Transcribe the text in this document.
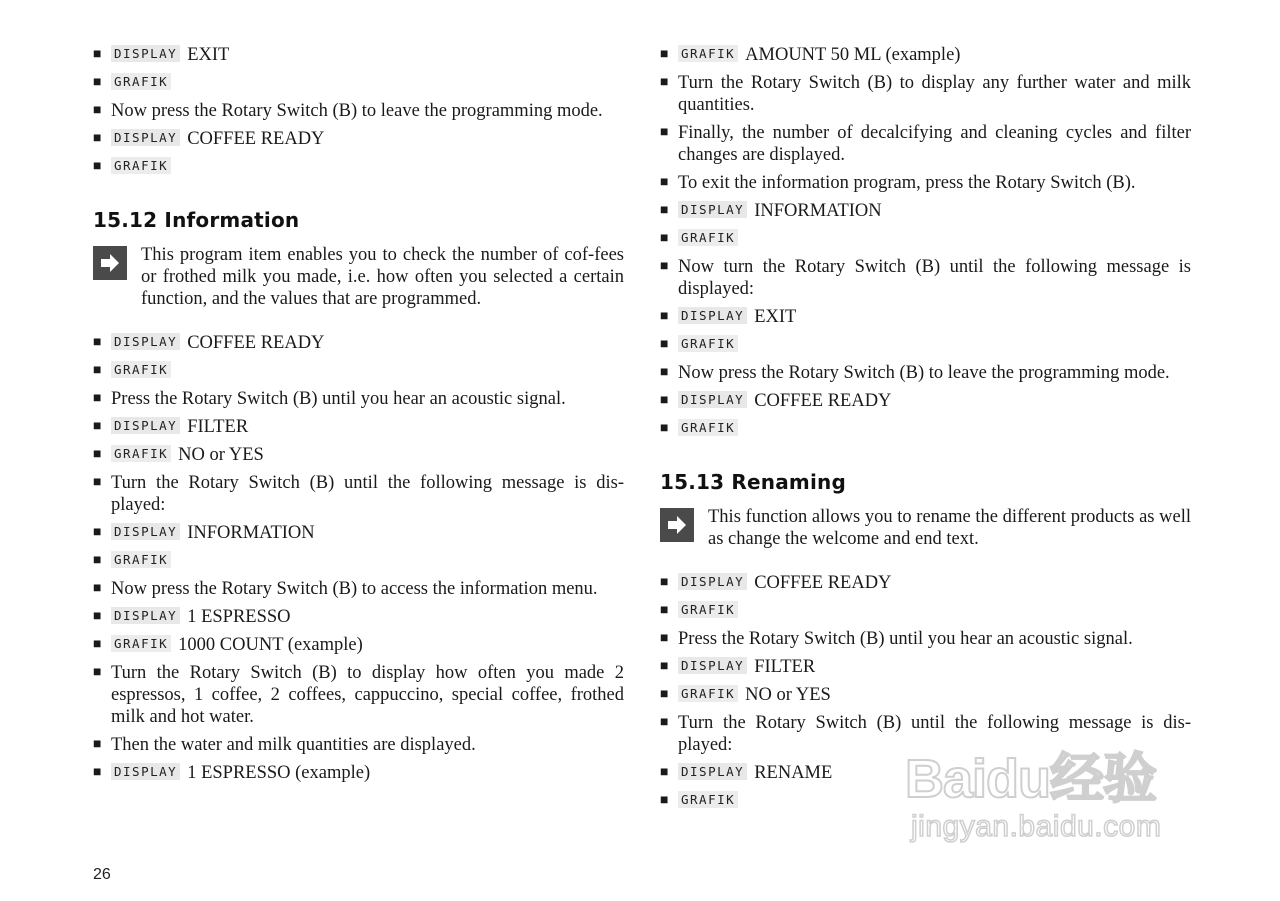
■	DISPLAY EXIT
■	GRAFIK
■ Now press the Rotary Switch (B) to leave the programming mode.
■	DISPLAY COFFEE READY
■	GRAFIK
15.12 Information
This program item enables you to check the number of cof-fees or frothed milk you made, i.e. how often you selected a certain function, and the values that are programmed.
■	DISPLAY COFFEE READY
■	GRAFIK
■ Press the Rotary Switch (B) until you hear an acoustic signal.
■	DISPLAY FILTER
■	GRAFIK NO or YES
■ Turn the Rotary Switch (B) until the following message is dis-played:
■	DISPLAY INFORMATION
■	GRAFIK
■ Now press the Rotary Switch (B) to access the information menu.
■	DISPLAY 1 ESPRESSO
■	GRAFIK 1000 COUNT (example)
■ Turn the Rotary Switch (B) to display how often you made 2 espressos, 1 coffee, 2 coffees, cappuccino, special coffee, frothed milk and hot water.
■ Then the water and milk quantities are displayed.
■	DISPLAY 1 ESPRESSO (example)
■	GRAFIK AMOUNT 50 ML (example)
■ Turn the Rotary Switch (B) to display any further water and milk quantities.
■ Finally, the number of decalcifying and cleaning cycles and filter changes are displayed.
■ To exit the information program, press the Rotary Switch (B).
■	DISPLAY INFORMATION
■	GRAFIK
■ Now turn the Rotary Switch (B) until the following message is displayed:
■	DISPLAY EXIT
■	GRAFIK
■ Now press the Rotary Switch (B) to leave the programming mode.
■	DISPLAY COFFEE READY
■	GRAFIK
15.13 Renaming
This function allows you to rename the different products as well as change the welcome and end text.
■	DISPLAY COFFEE READY
■	GRAFIK
■ Press the Rotary Switch (B) until you hear an acoustic signal.
■	DISPLAY FILTER
■	GRAFIK NO or YES
■ Turn the Rotary Switch (B) until the following message is dis-played:
■	DISPLAY RENAME
■	GRAFIK
26
Baidu经验
jingyan.baidu.com
